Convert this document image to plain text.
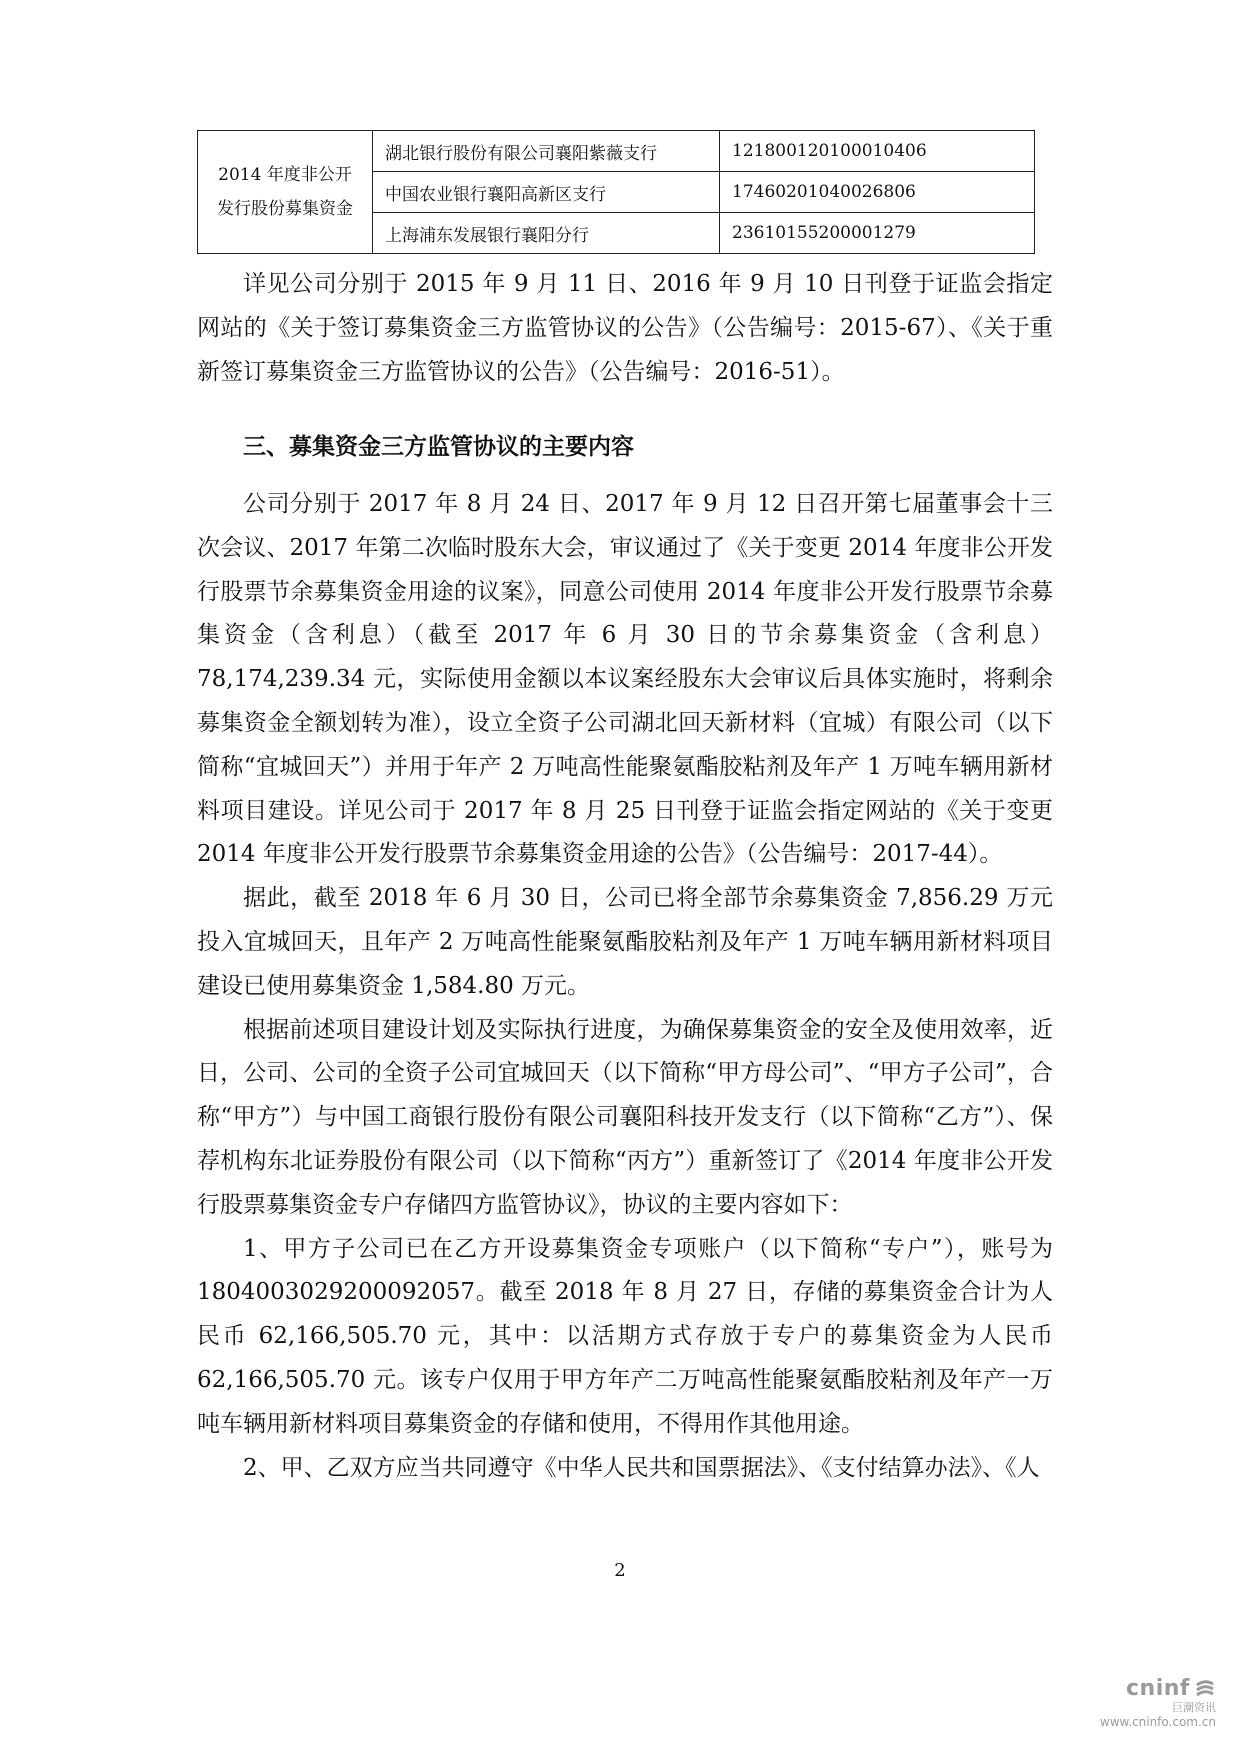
2014 年度非公开
发行股份募集资金	湖北银行股份有限公司襄阳紫薇支行	121800120100010406
	中国农业银行襄阳高新区支行	17460201040026806
	上海浦东发展银行襄阳分行	23610155200001279

详见公司分别于 2015 年 9 月 11 日、2016 年 9 月 10 日刊登于证监会指定网站的《关于签订募集资金三方监管协议的公告》（公告编号：2015-67）、《关于重新签订募集资金三方监管协议的公告》（公告编号：2016-51）。

三、募集资金三方监管协议的主要内容

公司分别于 2017 年 8 月 24 日、2017 年 9 月 12 日召开第七届董事会十三次会议、2017 年第二次临时股东大会，审议通过了《关于变更 2014 年度非公开发行股票节余募集资金用途的议案》，同意公司使用 2014 年度非公开发行股票节余募集资金（含利息）（截至 2017 年 6 月 30 日的节余募集资金（含利息）78,174,239.34 元，实际使用金额以本议案经股东大会审议后具体实施时，将剩余募集资金全额划转为准），设立全资子公司湖北回天新材料（宜城）有限公司（以下简称“宜城回天”）并用于年产 2 万吨高性能聚氨酯胶粘剂及年产 1 万吨车辆用新材料项目建设。详见公司于 2017 年 8 月 25 日刊登于证监会指定网站的《关于变更 2014 年度非公开发行股票节余募集资金用途的公告》（公告编号：2017-44）。

据此，截至 2018 年 6 月 30 日，公司已将全部节余募集资金 7,856.29 万元投入宜城回天，且年产 2 万吨高性能聚氨酯胶粘剂及年产 1 万吨车辆用新材料项目建设已使用募集资金 1,584.80 万元。

根据前述项目建设计划及实际执行进度，为确保募集资金的安全及使用效率，近日，公司、公司的全资子公司宜城回天（以下简称“甲方母公司”、“甲方子公司”，合称“甲方”）与中国工商银行股份有限公司襄阳科技开发支行（以下简称“乙方”）、保荐机构东北证券股份有限公司（以下简称“丙方”）重新签订了《2014 年度非公开发行股票募集资金专户存储四方监管协议》，协议的主要内容如下：

1、甲方子公司已在乙方开设募集资金专项账户（以下简称“专户”），账号为 1804003029200092057。截至 2018 年 8 月 27 日，存储的募集资金合计为人民币 62,166,505.70 元，其中：以活期方式存放于专户的募集资金为人民币 62,166,505.70 元。该专户仅用于甲方年产二万吨高性能聚氨酯胶粘剂及年产一万吨车辆用新材料项目募集资金的存储和使用，不得用作其他用途。

2、甲、乙双方应当共同遵守《中华人民共和国票据法》、《支付结算办法》、《人

2
cninf
巨潮资讯
www.cninfo.com.cn
